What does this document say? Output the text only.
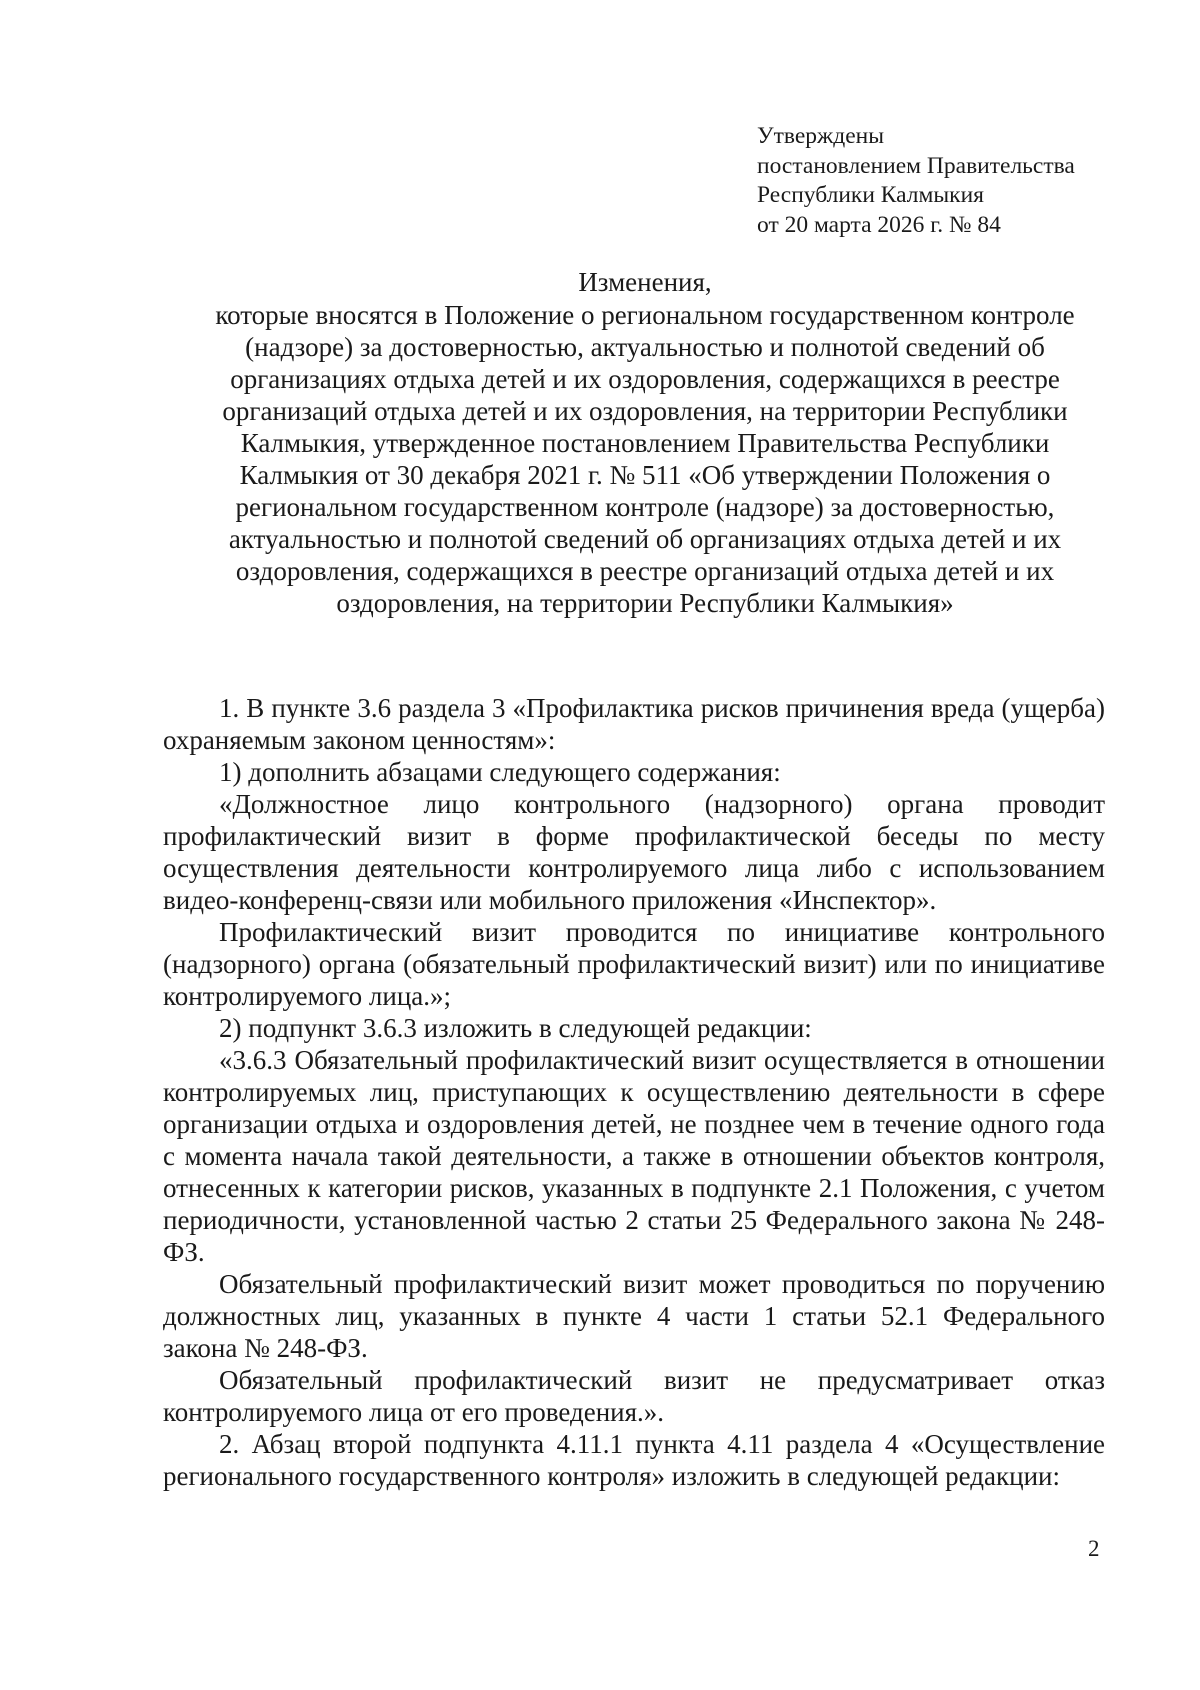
Утверждены
постановлением Правительства
Республики Калмыкия
от 20 марта 2026 г. № 84
Изменения,
которые вносятся в Положение о региональном государственном контроле
(надзоре) за достоверностью, актуальностью и полнотой сведений об
организациях отдыха детей и их оздоровления, содержащихся в реестре
организаций отдыха детей и их оздоровления, на территории Республики
Калмыкия, утвержденное постановлением Правительства Республики
Калмыкия от 30 декабря 2021 г. № 511 «Об утверждении Положения о
региональном государственном контроле (надзоре) за достоверностью,
актуальностью и полнотой сведений об организациях отдыха детей и их
оздоровления, содержащихся в реестре организаций отдыха детей и их
оздоровления, на территории Республики Калмыкия»

1. В пункте 3.6 раздела 3 «Профилактика рисков причинения вреда (ущерба) охраняемым законом ценностям»:

1) дополнить абзацами следующего содержания:

«Должностное лицо контрольного (надзорного) органа проводит профилактический визит в форме профилактической беседы по месту осуществления деятельности контролируемого лица либо с использованием видео-конференц-связи или мобильного приложения «Инспектор».

Профилактический визит проводится по инициативе контрольного (надзорного) органа (обязательный профилактический визит) или по инициативе контролируемого лица.»;

2) подпункт 3.6.3 изложить в следующей редакции:

«3.6.3 Обязательный профилактический визит осуществляется в отношении контролируемых лиц, приступающих к осуществлению деятельности в сфере организации отдыха и оздоровления детей, не позднее чем в течение одного года с момента начала такой деятельности, а также в отношении объектов контроля, отнесенных к категории рисков, указанных в подпункте 2.1 Положения, с учетом периодичности, установленной частью 2 статьи 25 Федерального закона № 248-ФЗ.

Обязательный профилактический визит может проводиться по поручению должностных лиц, указанных в пункте 4 части 1 статьи 52.1 Федерального закона № 248-ФЗ.

Обязательный профилактический визит не предусматривает отказ контролируемого лица от его проведения.».

2. Абзац второй подпункта 4.11.1 пункта 4.11 раздела 4 «Осуществление регионального государственного контроля» изложить в следующей редакции:

2
